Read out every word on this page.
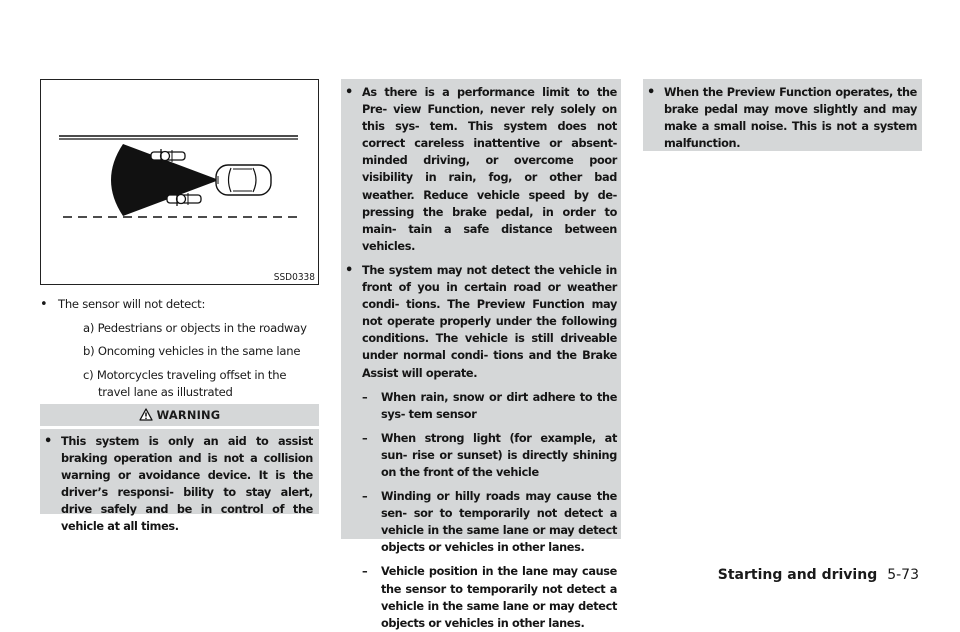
SSD0338
• The sensor will not detect:
a) Pedestrians or objects in the roadway
b) Oncoming vehicles in the same lane
c) Motorcycles traveling offset in the travel lane as illustrated
WARNING
• This system is only an aid to assist braking operation and is not a collision warning or avoidance device. It is the driver’s responsi- bility to stay alert, drive safely and be in control of the vehicle at all times.

• As there is a performance limit to the Pre- view Function, never rely solely on this sys- tem. This system does not correct careless inattentive or absent-minded driving, or overcome poor visibility in rain, fog, or other bad weather. Reduce vehicle speed by de- pressing the brake pedal, in order to main- tain a safe distance between vehicles.

• The system may not detect the vehicle in front of you in certain road or weather condi- tions. The Preview Function may not operate properly under the following conditions. The vehicle is still driveable under normal condi- tions and the Brake Assist will operate.

– When rain, snow or dirt adhere to the sys- tem sensor

– When strong light (for example, at sun- rise or sunset) is directly shining on the front of the vehicle

– Winding or hilly roads may cause the sen- sor to temporarily not detect a vehicle in the same lane or may detect objects or vehicles in other lanes.

– Vehicle position in the lane may cause the sensor to temporarily not detect a vehicle in the same lane or may detect objects or vehicles in other lanes.

• When the Preview Function operates, the brake pedal may move slightly and may make a small noise. This is not a system malfunction.

Starting and driving 5-73
